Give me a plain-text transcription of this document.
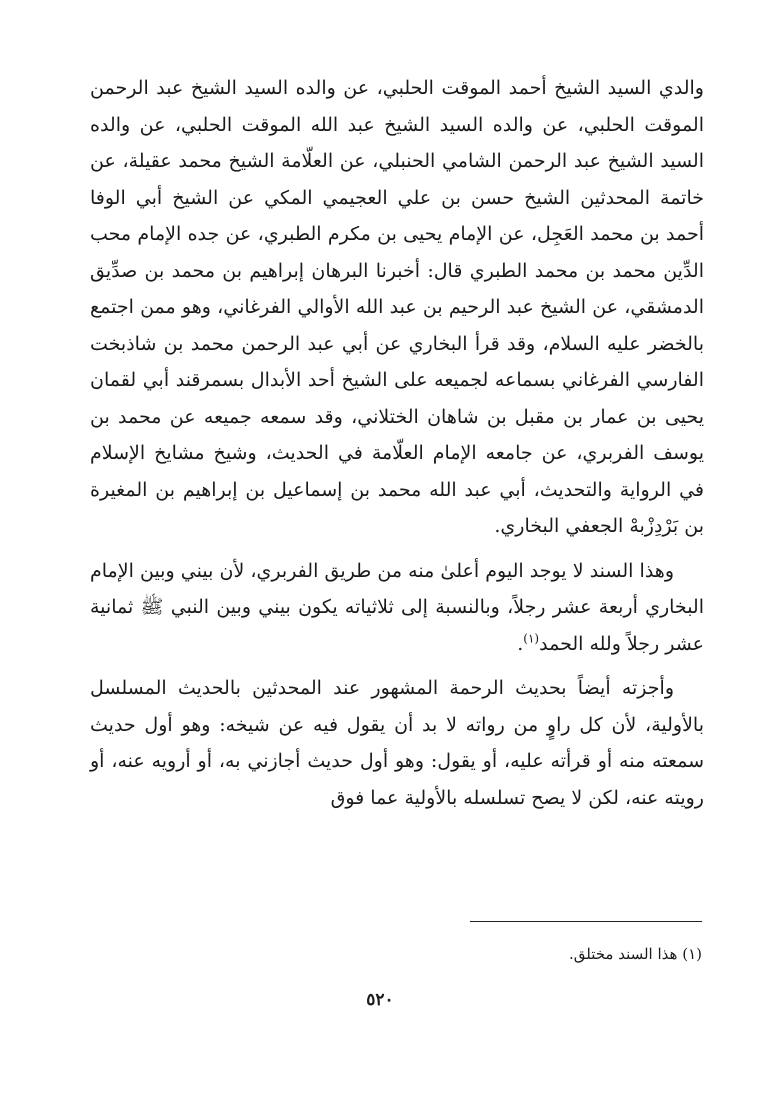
والدي السيد الشيخ أحمد الموقت الحلبي، عن والده السيد الشيخ عبد الرحمن الموقت الحلبي، عن والده السيد الشيخ عبد الله الموقت الحلبي، عن والده السيد الشيخ عبد الرحمن الشامي الحنبلي، عن العلّامة الشيخ محمد عقيلة، عن خاتمة المحدثين الشيخ حسن بن علي العجيمي المكي عن الشيخ أبي الوفا أحمد بن محمد العَجِل، عن الإمام يحيى بن مكرم الطبري، عن جده الإمام محب الدِّين محمد بن محمد الطبري قال: أخبرنا البرهان إبراهيم بن محمد بن صدِّيق الدمشقي، عن الشيخ عبد الرحيم بن عبد الله الأوالي الفرغاني، وهو ممن اجتمع بالخضر عليه السلام، وقد قرأ البخاري عن أبي عبد الرحمن محمد بن شاذبخت الفارسي الفرغاني بسماعه لجميعه على الشيخ أحد الأبدال بسمرقند أبي لقمان يحيى بن عمار بن مقبل بن شاهان الختلاني، وقد سمعه جميعه عن محمد بن يوسف الفربري، عن جامعه الإمام العلّامة في الحديث، وشيخ مشايخ الإسلام في الرواية والتحديث، أبي عبد الله محمد بن إسماعيل بن إبراهيم بن المغيرة بن بَرْدِزْبهْ الجعفي البخاري.

وهذا السند لا يوجد اليوم أعلىٰ منه من طريق الفربري، لأن بيني وبين الإمام البخاري أربعة عشر رجلاً، وبالنسبة إلى ثلاثياته يكون بيني وبين النبي ﷺ ثمانية عشر رجلاً ولله الحمد$^{(١)}$.

وأجزته أيضاً بحديث الرحمة المشهور عند المحدثين بالحديث المسلسل بالأولية، لأن كل راوٍ من رواته لا بد أن يقول فيه عن شيخه: وهو أول حديث سمعته منه أو قرأته عليه، أو يقول: وهو أول حديث أجازني به، أو أرويه عنه، أو رويته عنه، لكن لا يصح تسلسله بالأولية عما فوق

(١) هذا السند مختلق.
٥٢٠
